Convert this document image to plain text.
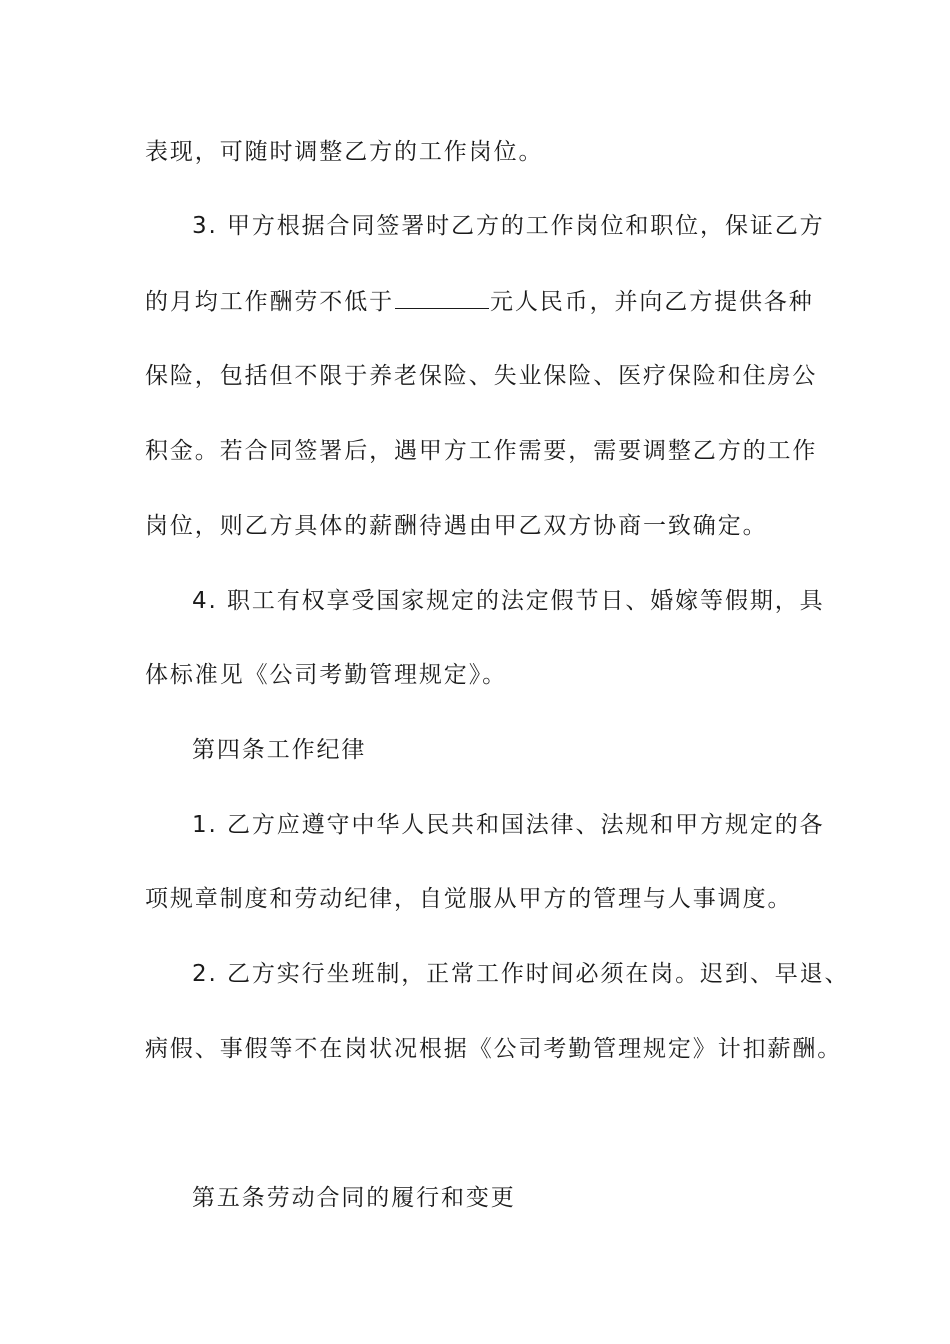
表现，可随时调整乙方的工作岗位。
3. 甲方根据合同签署时乙方的工作岗位和职位，保证乙方
的月均工作酬劳不低于	元人民币，并向乙方提供各种
保险，包括但不限于养老保险、失业保险、医疗保险和住房公
积金。若合同签署后，遇甲方工作需要，需要调整乙方的工作
岗位，则乙方具体的薪酬待遇由甲乙双方协商一致确定。
4. 职工有权享受国家规定的法定假节日、婚嫁等假期，具
体标准见《公司考勤管理规定》。
第四条工作纪律
1. 乙方应遵守中华人民共和国法律、法规和甲方规定的各
项规章制度和劳动纪律，自觉服从甲方的管理与人事调度。
2. 乙方实行坐班制，正常工作时间必须在岗。迟到、早退、
病假、事假等不在岗状况根据《公司考勤管理规定》计扣薪酬。
第五条劳动合同的履行和变更
